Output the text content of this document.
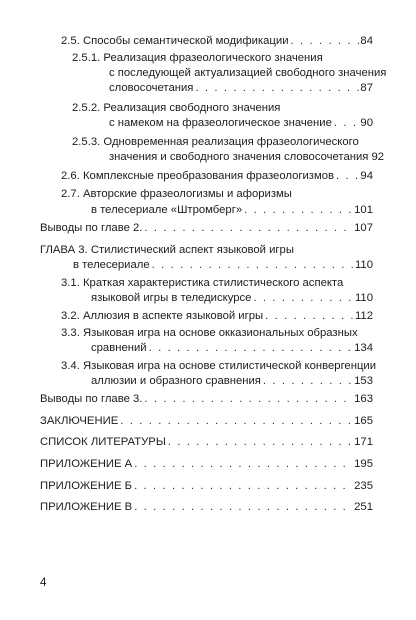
2.5. Способы семантической модификации . . .	84
2.5.1. Реализация фразеологического значения
с последующей актуализацией свободного значения
словосочетания . . .	87
2.5.2. Реализация свободного значения
с намеком на фразеологическое значение . . .	90
2.5.3. Одновременная реализация фразеологического
значения и свободного значения словосочетания 92
2.6. Комплексные преобразования фразеологизмов . . . 94
2.7. Авторские фразеологизмы и афоризмы
в телесериале «Штромберг» . . .	101
Выводы по главе 2. . . .	107
ГЛАВА 3. Стилистический аспект языковой игры
в телесериале . . .	110
3.1. Краткая характеристика стилистического аспекта
языковой игры в теледискурсе . . .	110
3.2. Аллюзия в аспекте языковой игры . . .	112
3.3. Языковая игра на основе окказиональных образных
сравнений . . .	134
3.4. Языковая игра на основе стилистической конвергенции
аллюзии и образного сравнения . . .	153
Выводы по главе 3. . . .	163
ЗАКЛЮЧЕНИЕ . . .	165
СПИСОК ЛИТЕРАТУРЫ . . .	171
ПРИЛОЖЕНИЕ А . . .	195
ПРИЛОЖЕНИЕ Б . . .	235
ПРИЛОЖЕНИЕ В . . .	251
4
